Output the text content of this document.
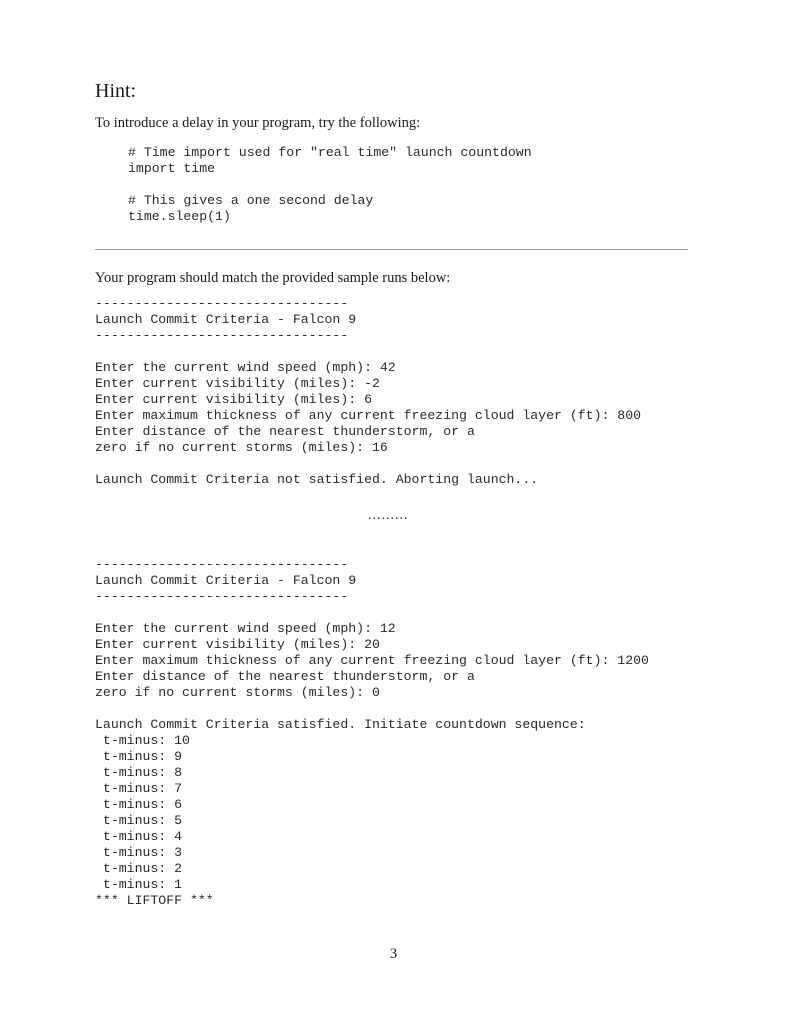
Hint:

To introduce a delay in your program, try the following:

# Time import used for "real time" launch countdown
import time

# This gives a one second delay
time.sleep(1)

Your program should match the provided sample runs below:

--------------------------------
Launch Commit Criteria - Falcon 9
--------------------------------

Enter the current wind speed (mph): 42
Enter current visibility (miles): -2
Enter current visibility (miles): 6
Enter maximum thickness of any current freezing cloud layer (ft): 800
Enter distance of the nearest thunderstorm, or a
zero if no current storms (miles): 16

Launch Commit Criteria not satisfied. Aborting launch...
.........
--------------------------------
Launch Commit Criteria - Falcon 9
--------------------------------

Enter the current wind speed (mph): 12
Enter current visibility (miles): 20
Enter maximum thickness of any current freezing cloud layer (ft): 1200
Enter distance of the nearest thunderstorm, or a
zero if no current storms (miles): 0

Launch Commit Criteria satisfied. Initiate countdown sequence:
t-minus: 10
t-minus: 9
t-minus: 8
t-minus: 7
t-minus: 6
t-minus: 5
t-minus: 4
t-minus: 3
t-minus: 2
t-minus: 1
*** LIFTOFF ***
3
